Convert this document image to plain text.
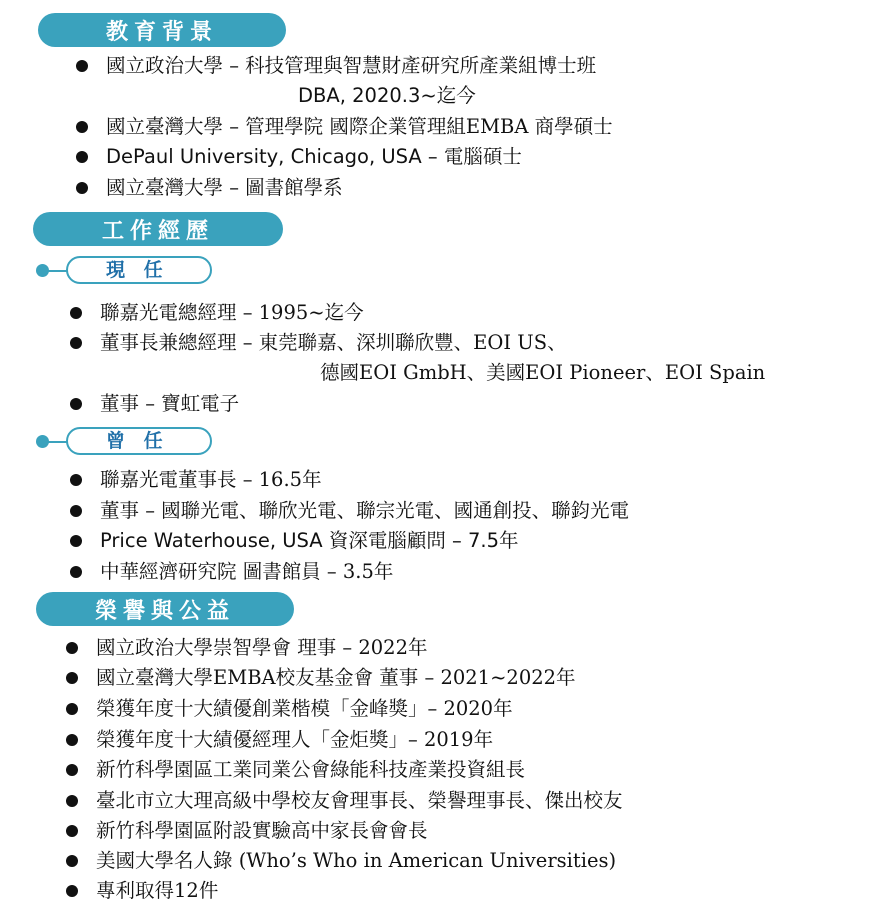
教育背景
國立政治大學 – 科技管理與智慧財產研究所產業組博士班
DBA, 2020.3~迄今
國立臺灣大學 – 管理學院 國際企業管理組EMBA 商學碩士
DePaul University, Chicago, USA – 電腦碩士
國立臺灣大學 – 圖書館學系
工作經歷
現 任
聯嘉光電總經理 – 1995~迄今
董事長兼總經理 – 東莞聯嘉、深圳聯欣豐、EOI US、
德國EOI GmbH、美國EOI Pioneer、EOI Spain
董事 – 寶虹電子
曾 任
聯嘉光電董事長 – 16.5年
董事 – 國聯光電、聯欣光電、聯宗光電、國通創投、聯鈞光電
Price Waterhouse, USA 資深電腦顧問 – 7.5年
中華經濟研究院 圖書館員 – 3.5年
榮譽與公益
國立政治大學崇智學會 理事 – 2022年
國立臺灣大學EMBA校友基金會 董事 – 2021~2022年
榮獲年度十大績優創業楷模「金峰獎」– 2020年
榮獲年度十大績優經理人「金炬獎」– 2019年
新竹科學園區工業同業公會綠能科技產業投資組長
臺北市立大理高級中學校友會理事長、榮譽理事長、傑出校友
新竹科學園區附設實驗高中家長會會長
美國大學名人錄 (Who’s Who in American Universities)
專利取得12件
